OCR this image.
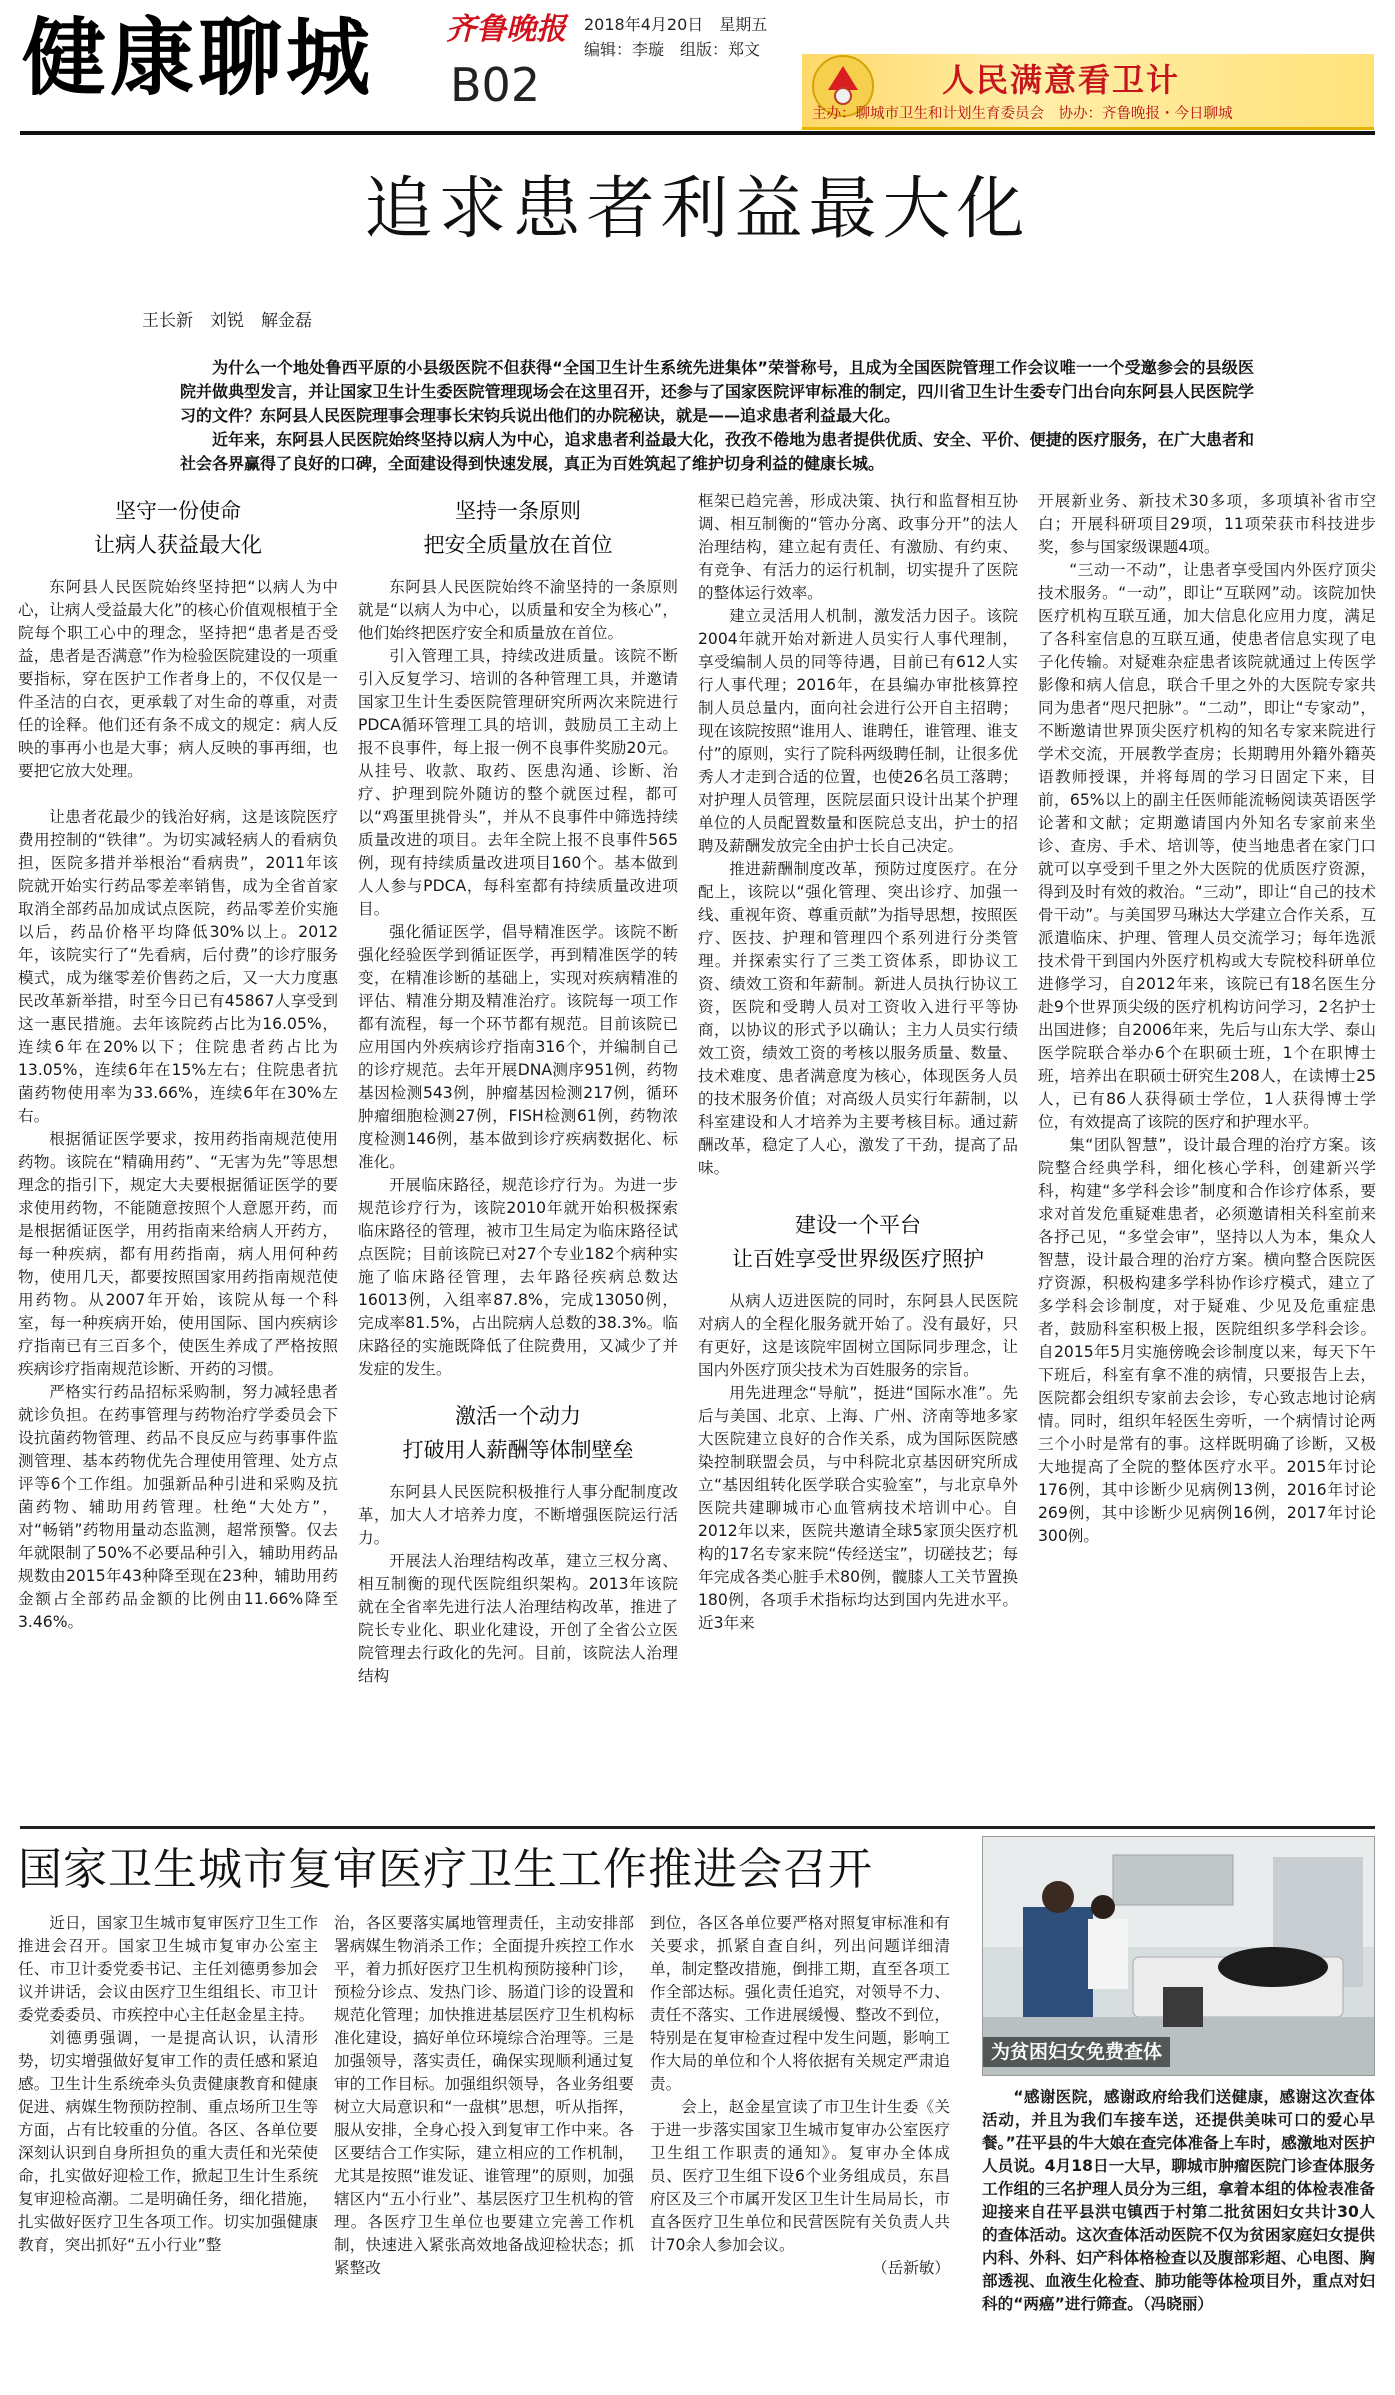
健康聊城 齐鲁晚报
B02
2018年4月20日　星期五
编辑：李璇　组版：郑文
人民满意看卫计
主办：聊城市卫生和计划生育委员会　协办：齐鲁晚报・今日聊城
追求患者利益最大化
王长新　刘锐　解金磊

为什么一个地处鲁西平原的小县级医院不但获得“全国卫生计生系统先进集体”荣誉称号，且成为全国医院管理工作会议唯一一个受邀参会的县级医院并做典型发言，并让国家卫生计生委医院管理现场会在这里召开，还参与了国家医院评审标准的制定，四川省卫生计生委专门出台向东阿县人民医院学习的文件？东阿县人民医院理事会理事长宋钧兵说出他们的办院秘诀，就是——追求患者利益最大化。

近年来，东阿县人民医院始终坚持以病人为中心，追求患者利益最大化，孜孜不倦地为患者提供优质、安全、平价、便捷的医疗服务，在广大患者和社会各界赢得了良好的口碑，全面建设得到快速发展，真正为百姓筑起了维护切身利益的健康长城。

坚守一份使命

让病人获益最大化

东阿县人民医院始终坚持把“以病人为中心，让病人受益最大化”的核心价值观根植于全院每个职工心中的理念，坚持把“患者是否受益，患者是否满意”作为检验医院建设的一项重要指标，穿在医护工作者身上的，不仅仅是一件圣洁的白衣，更承载了对生命的尊重，对责任的诠释。他们还有条不成文的规定：病人反映的事再小也是大事；病人反映的事再细，也要把它放大处理。

让患者花最少的钱治好病，这是该院医疗费用控制的“铁律”。为切实减轻病人的看病负担，医院多措并举根治“看病贵”，2011年该院就开始实行药品零差率销售，成为全省首家取消全部药品加成试点医院，药品零差价实施以后，药品价格平均降低30%以上。2012年，该院实行了“先看病，后付费”的诊疗服务模式，成为继零差价售药之后，又一大力度惠民改革新举措，时至今日已有45867人享受到这一惠民措施。去年该院药占比为16.05%，连续6年在20%以下；住院患者药占比为13.05%，连续6年在15%左右；住院患者抗菌药物使用率为33.66%，连续6年在30%左右。

根据循证医学要求，按用药指南规范使用药物。该院在“精确用药”、“无害为先”等思想理念的指引下，规定大夫要根据循证医学的要求使用药物，不能随意按照个人意愿开药，而是根据循证医学，用药指南来给病人开药方，每一种疾病，都有用药指南，病人用何种药物，使用几天，都要按照国家用药指南规范使用药物。从2007年开始，该院从每一个科室，每一种疾病开始，使用国际、国内疾病诊疗指南已有三百多个，使医生养成了严格按照疾病诊疗指南规范诊断、开药的习惯。

严格实行药品招标采购制，努力减轻患者就诊负担。在药事管理与药物治疗学委员会下设抗菌药物管理、药品不良反应与药事事件监测管理、基本药物优先合理使用管理、处方点评等6个工作组。加强新品种引进和采购及抗菌药物、辅助用药管理。杜绝“大处方”，对“畅销”药物用量动态监测，超常预警。仅去年就限制了50%不必要品种引入，辅助用药品规数由2015年43种降至现在23种，辅助用药金额占全部药品金额的比例由11.66%降至3.46%。

坚持一条原则

把安全质量放在首位

东阿县人民医院始终不渝坚持的一条原则就是“以病人为中心，以质量和安全为核心”，他们始终把医疗安全和质量放在首位。

引入管理工具，持续改进质量。该院不断引入反复学习、培训的各种管理工具，并邀请国家卫生计生委医院管理研究所两次来院进行PDCA循环管理工具的培训，鼓励员工主动上报不良事件，每上报一例不良事件奖励20元。从挂号、收款、取药、医患沟通、诊断、治疗、护理到院外随访的整个就医过程，都可以“鸡蛋里挑骨头”，并从不良事件中筛选持续质量改进的项目。去年全院上报不良事件565例，现有持续质量改进项目160个。基本做到人人参与PDCA，每科室都有持续质量改进项目。

强化循证医学，倡导精准医学。该院不断强化经验医学到循证医学，再到精准医学的转变，在精准诊断的基础上，实现对疾病精准的评估、精准分期及精准治疗。该院每一项工作都有流程，每一个环节都有规范。目前该院已应用国内外疾病诊疗指南316个，并编制自己的诊疗规范。去年开展DNA测序951例，药物基因检测543例，肿瘤基因检测217例，循环肿瘤细胞检测27例，FISH检测61例，药物浓度检测146例，基本做到诊疗疾病数据化、标准化。

开展临床路径，规范诊疗行为。为进一步规范诊疗行为，该院2010年就开始积极探索临床路径的管理，被市卫生局定为临床路径试点医院；目前该院已对27个专业182个病种实施了临床路径管理，去年路径疾病总数达16013例，入组率87.8%，完成13050例，完成率81.5%，占出院病人总数的38.3%。临床路径的实施既降低了住院费用，又减少了并发症的发生。

激活一个动力

打破用人薪酬等体制壁垒

东阿县人民医院积极推行人事分配制度改革，加大人才培养力度，不断增强医院运行活力。

开展法人治理结构改革，建立三权分离、相互制衡的现代医院组织架构。2013年该院就在全省率先进行法人治理结构改革，推进了院长专业化、职业化建设，开创了全省公立医院管理去行政化的先河。目前，该院法人治理结构

框架已趋完善，形成决策、执行和监督相互协调、相互制衡的“管办分离、政事分开”的法人治理结构，建立起有责任、有激励、有约束、有竞争、有活力的运行机制，切实提升了医院的整体运行效率。

建立灵活用人机制，激发活力因子。该院2004年就开始对新进人员实行人事代理制，享受编制人员的同等待遇，目前已有612人实行人事代理；2016年，在县编办审批核算控制人员总量内，面向社会进行公开自主招聘；现在该院按照“谁用人、谁聘任，谁管理、谁支付”的原则，实行了院科两级聘任制，让很多优秀人才走到合适的位置，也使26名员工落聘；对护理人员管理，医院层面只设计出某个护理单位的人员配置数量和医院总支出，护士的招聘及薪酬发放完全由护士长自己决定。

推进薪酬制度改革，预防过度医疗。在分配上，该院以“强化管理、突出诊疗、加强一线、重视年资、尊重贡献”为指导思想，按照医疗、医技、护理和管理四个系列进行分类管理。并探索实行了三类工资体系，即协议工资、绩效工资和年薪制。新进人员执行协议工资，医院和受聘人员对工资收入进行平等协商，以协议的形式予以确认；主力人员实行绩效工资，绩效工资的考核以服务质量、数量、技术难度、患者满意度为核心，体现医务人员的技术服务价值；对高级人员实行年薪制，以科室建设和人才培养为主要考核目标。通过薪酬改革，稳定了人心，激发了干劲，提高了品味。

建设一个平台

让百姓享受世界级医疗照护

从病人迈进医院的同时，东阿县人民医院对病人的全程化服务就开始了。没有最好，只有更好，这是该院牢固树立国际同步理念，让国内外医疗顶尖技术为百姓服务的宗旨。

用先进理念“导航”，挺进“国际水准”。先后与美国、北京、上海、广州、济南等地多家大医院建立良好的合作关系，成为国际医院感染控制联盟会员，与中科院北京基因研究所成立“基因组转化医学联合实验室”，与北京阜外医院共建聊城市心血管病技术培训中心。自2012年以来，医院共邀请全球5家顶尖医疗机构的17名专家来院“传经送宝”，切磋技艺；每年完成各类心脏手术80例，髋膝人工关节置换180例，各项手术指标均达到国内先进水平。近3年来

开展新业务、新技术30多项，多项填补省市空白；开展科研项目29项，11项荣获市科技进步奖，参与国家级课题4项。

“三动一不动”，让患者享受国内外医疗顶尖技术服务。“一动”，即让“互联网”动。该院加快医疗机构互联互通，加大信息化应用力度，满足了各科室信息的互联互通，使患者信息实现了电子化传输。对疑难杂症患者该院就通过上传医学影像和病人信息，联合千里之外的大医院专家共同为患者“咫尺把脉”。“二动”，即让“专家动”，不断邀请世界顶尖医疗机构的知名专家来院进行学术交流，开展教学查房；长期聘用外籍外籍英语教师授课，并将每周的学习日固定下来，目前，65%以上的副主任医师能流畅阅读英语医学论著和文献；定期邀请国内外知名专家前来坐诊、查房、手术、培训等，使当地患者在家门口就可以享受到千里之外大医院的优质医疗资源，得到及时有效的救治。“三动”，即让“自己的技术骨干动”。与美国罗马琳达大学建立合作关系，互派遣临床、护理、管理人员交流学习；每年选派技术骨干到国内外医疗机构或大专院校科研单位进修学习，自2012年来，该院已有18名医生分赴9个世界顶尖级的医疗机构访问学习，2名护士出国进修；自2006年来，先后与山东大学、泰山医学院联合举办6个在职硕士班，1个在职博士班，培养出在职硕士研究生208人，在读博士25人，已有86人获得硕士学位，1人获得博士学位，有效提高了该院的医疗和护理水平。

集“团队智慧”，设计最合理的治疗方案。该院整合经典学科，细化核心学科，创建新兴学科，构建“多学科会诊”制度和合作诊疗体系，要求对首发危重疑难患者，必须邀请相关科室前来各抒己见，“多堂会审”，坚持以人为本，集众人智慧，设计最合理的治疗方案。横向整合医院医疗资源，积极构建多学科协作诊疗模式，建立了多学科会诊制度，对于疑难、少见及危重症患者，鼓励科室积极上报，医院组织多学科会诊。自2015年5月实施傍晚会诊制度以来，每天下午下班后，科室有拿不准的病情，只要报告上去，医院都会组织专家前去会诊，专心致志地讨论病情。同时，组织年轻医生旁听，一个病情讨论两三个小时是常有的事。这样既明确了诊断，又极大地提高了全院的整体医疗水平。2015年讨论176例，其中诊断少见病例13例，2016年讨论269例，其中诊断少见病例16例，2017年讨论300例。

国家卫生城市复审医疗卫生工作推进会召开

近日，国家卫生城市复审医疗卫生工作推进会召开。国家卫生城市复审办公室主任、市卫计委党委书记、主任刘德勇参加会议并讲话，会议由医疗卫生组组长、市卫计委党委委员、市疾控中心主任赵金星主持。

刘德勇强调，一是提高认识，认清形势，切实增强做好复审工作的责任感和紧迫感。卫生计生系统牵头负责健康教育和健康促进、病媒生物预防控制、重点场所卫生等方面，占有比较重的分值。各区、各单位要深刻认识到自身所担负的重大责任和光荣使命，扎实做好迎检工作，掀起卫生计生系统复审迎检高潮。二是明确任务，细化措施，扎实做好医疗卫生各项工作。切实加强健康教育，突出抓好“五小行业”整

治，各区要落实属地管理责任，主动安排部署病媒生物消杀工作；全面提升疾控工作水平，着力抓好医疗卫生机构预防接种门诊，预检分诊点、发热门诊、肠道门诊的设置和规范化管理；加快推进基层医疗卫生机构标准化建设，搞好单位环境综合治理等。三是加强领导，落实责任，确保实现顺利通过复审的工作目标。加强组织领导，各业务组要树立大局意识和“一盘棋”思想，听从指挥，服从安排，全身心投入到复审工作中来。各区要结合工作实际，建立相应的工作机制，尤其是按照“谁发证、谁管理”的原则，加强辖区内“五小行业”、基层医疗卫生机构的管理。各医疗卫生单位也要建立完善工作机制，快速进入紧张高效地备战迎检状态；抓紧整改

到位，各区各单位要严格对照复审标准和有关要求，抓紧自查自纠，列出问题详细清单，制定整改措施，倒排工期，直至各项工作全部达标。强化责任追究，对领导不力、责任不落实、工作进展缓慢、整改不到位，特别是在复审检查过程中发生问题，影响工作大局的单位和个人将依据有关规定严肃追责。

会上，赵金星宣读了市卫生计生委《关于进一步落实国家卫生城市复审办公室医疗卫生组工作职责的通知》。复审办全体成员、医疗卫生组下设6个业务组成员，东昌府区及三个市属开发区卫生计生局局长，市直各医疗卫生单位和民营医院有关负责人共计70余人参加会议。

（岳新敏）

为贫困妇女免费查体

“感谢医院，感谢政府给我们送健康，感谢这次查体活动，并且为我们车接车送，还提供美味可口的爱心早餐。”茌平县的牛大娘在查完体准备上车时，感激地对医护人员说。4月18日一大早，聊城市肿瘤医院门诊查体服务工作组的三名护理人员分为三组，拿着本组的体检表准备迎接来自茌平县洪屯镇西于村第二批贫困妇女共计30人的查体活动。这次查体活动医院不仅为贫困家庭妇女提供内科、外科、妇产科体格检查以及腹部彩超、心电图、胸部透视、血液生化检查、肺功能等体检项目外，重点对妇科的“两癌”进行筛查。（冯晓丽）
